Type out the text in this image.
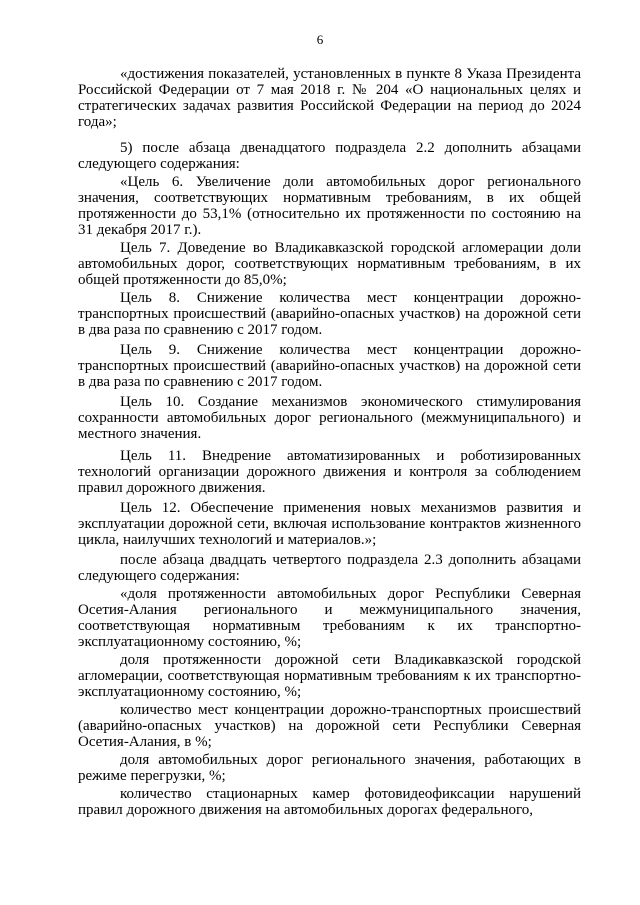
6

«достижения показателей, установленных в пункте 8 Указа Президента Российской Федерации от 7 мая 2018 г. № 204 «О национальных целях и стратегических задачах развития Российской Федерации на период до 2024 года»;

5) после абзаца двенадцатого подраздела 2.2 дополнить абзацами следующего содержания:

«Цель 6. Увеличение доли автомобильных дорог регионального значения, соответствующих нормативным требованиям, в их общей протяженности до 53,1% (относительно их протяженности по состоянию на 31 декабря 2017 г.).

Цель 7. Доведение во Владикавказской городской агломерации доли автомобильных дорог, соответствующих нормативным требованиям, в их общей протяженности до 85,0%;

Цель 8. Снижение количества мест концентрации дорожно-транспортных происшествий (аварийно-опасных участков) на дорожной сети в два раза по сравнению с 2017 годом.

Цель 9. Снижение количества мест концентрации дорожно-транспортных происшествий (аварийно-опасных участков) на дорожной сети в два раза по сравнению с 2017 годом.

Цель 10. Создание механизмов экономического стимулирования сохранности автомобильных дорог регионального (межмуниципального) и местного значения.

Цель 11. Внедрение автоматизированных и роботизированных технологий организации дорожного движения и контроля за соблюдением правил дорожного движения.

Цель 12. Обеспечение применения новых механизмов развития и эксплуатации дорожной сети, включая использование контрактов жизненного цикла, наилучших технологий и материалов.»;

после абзаца двадцать четвертого подраздела 2.3 дополнить абзацами следующего содержания:

«доля протяженности автомобильных дорог Республики Северная Осетия-Алания регионального и межмуниципального значения, соответствующая нормативным требованиям к их транспортно-эксплуатационному состоянию, %;

доля протяженности дорожной сети Владикавказской городской агломерации, соответствующая нормативным требованиям к их транспортно-эксплуатационному состоянию, %;

количество мест концентрации дорожно-транспортных происшествий (аварийно-опасных участков) на дорожной сети Республики Северная Осетия-Алания, в %;

доля автомобильных дорог регионального значения, работающих в режиме перегрузки, %;

количество стационарных камер фотовидеофиксации нарушений правил дорожного движения на автомобильных дорогах федерального,
